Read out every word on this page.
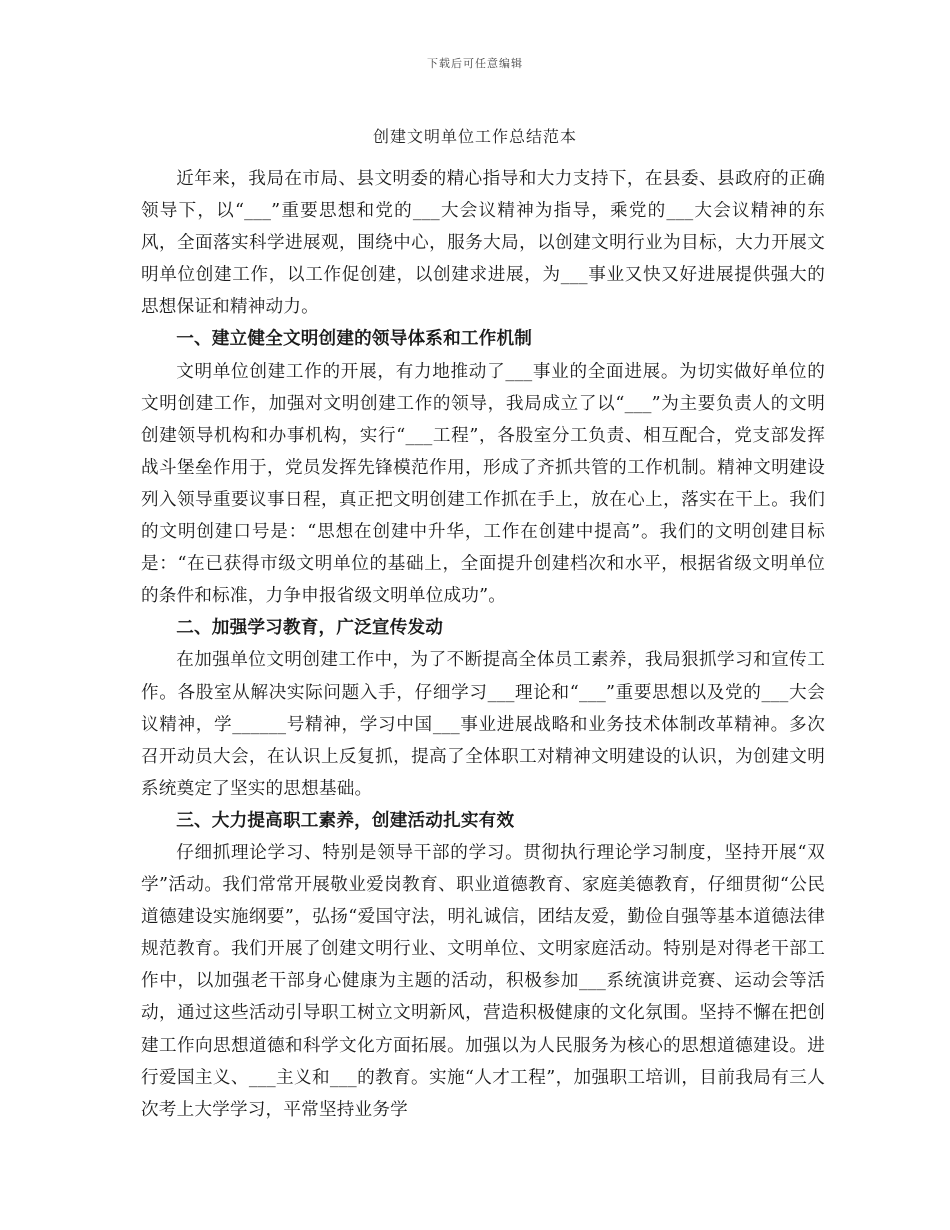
下载后可任意编辑
创建文明单位工作总结范本

近年来，我局在市局、县文明委的精心指导和大力支持下，在县委、县政府的正确领导下，以“___”重要思想和党的___大会议精神为指导，乘党的___大会议精神的东风，全面落实科学进展观，围绕中心，服务大局，以创建文明行业为目标，大力开展文明单位创建工作，以工作促创建，以创建求进展，为___事业又快又好进展提供强大的思想保证和精神动力。

一、建立健全文明创建的领导体系和工作机制

文明单位创建工作的开展，有力地推动了___事业的全面进展。为切实做好单位的文明创建工作，加强对文明创建工作的领导，我局成立了以“___”为主要负责人的文明创建领导机构和办事机构，实行“___工程”，各股室分工负责、相互配合，党支部发挥战斗堡垒作用于，党员发挥先锋模范作用，形成了齐抓共管的工作机制。精神文明建设列入领导重要议事日程，真正把文明创建工作抓在手上，放在心上，落实在干上。我们的文明创建口号是：“思想在创建中升华，工作在创建中提高”。我们的文明创建目标是：“在已获得市级文明单位的基础上，全面提升创建档次和水平，根据省级文明单位的条件和标准，力争申报省级文明单位成功”。

二、加强学习教育，广泛宣传发动

在加强单位文明创建工作中，为了不断提高全体员工素养，我局狠抓学习和宣传工作。各股室从解决实际问题入手，仔细学习___理论和“___”重要思想以及党的___大会议精神，学______号精神，学习中国___事业进展战略和业务技术体制改革精神。多次召开动员大会，在认识上反复抓，提高了全体职工对精神文明建设的认识，为创建文明系统奠定了坚实的思想基础。

三、大力提高职工素养，创建活动扎实有效

仔细抓理论学习、特别是领导干部的学习。贯彻执行理论学习制度，坚持开展“双学”活动。我们常常开展敬业爱岗教育、职业道德教育、家庭美德教育，仔细贯彻“公民道德建设实施纲要”，弘扬“爱国守法，明礼诚信，团结友爱，勤俭自强等基本道德法律规范教育。我们开展了创建文明行业、文明单位、文明家庭活动。特别是对得老干部工作中，以加强老干部身心健康为主题的活动，积极参加___系统演讲竞赛、运动会等活动，通过这些活动引导职工树立文明新风，营造积极健康的文化氛围。坚持不懈在把创建工作向思想道德和科学文化方面拓展。加强以为人民服务为核心的思想道德建设。进行爱国主义、___主义和___的教育。实施“人才工程”，加强职工培训，目前我局有三人次考上大学学习，平常坚持业务学
